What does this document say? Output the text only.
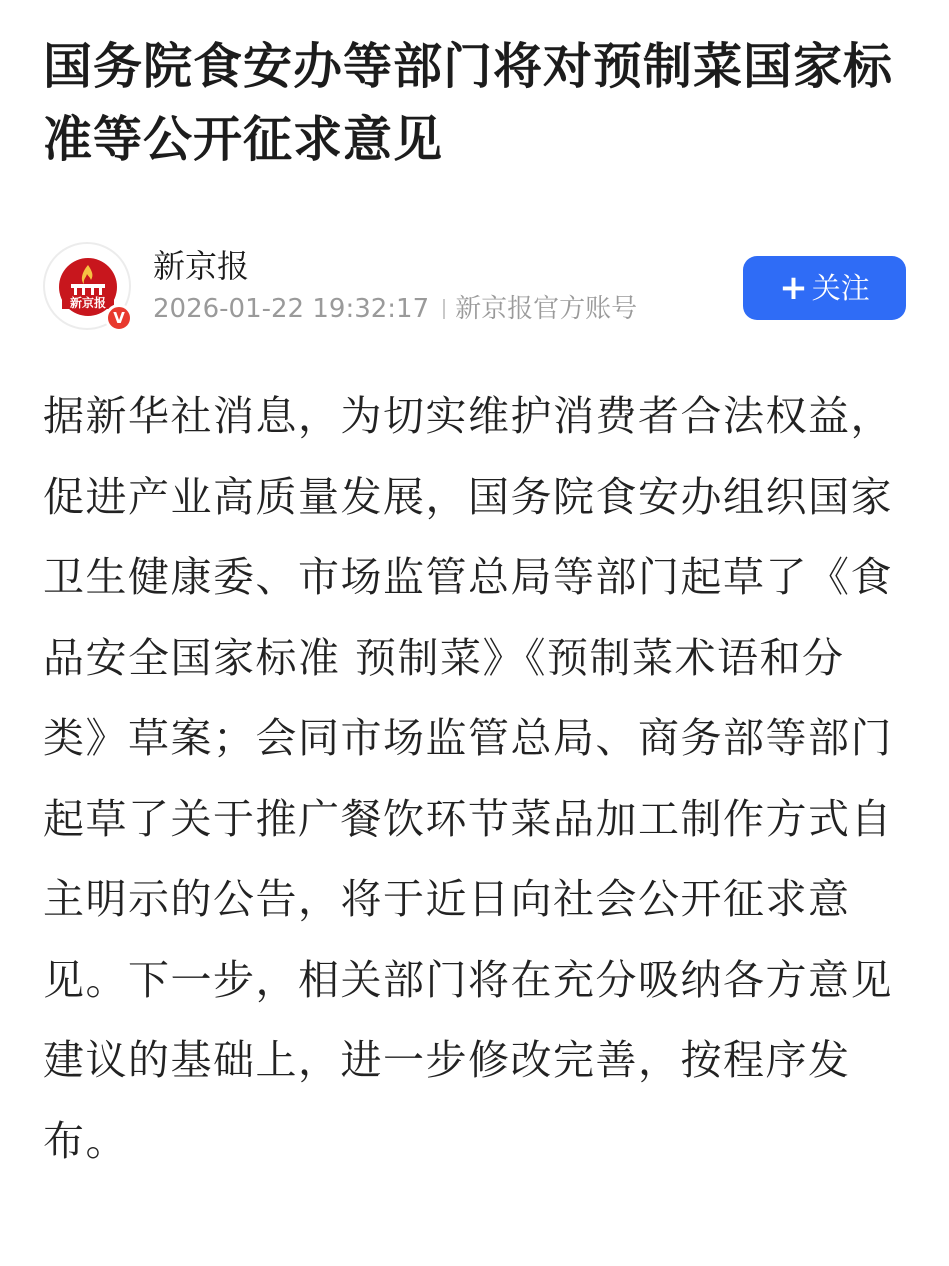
国务院食安办等部门将对预制菜国家标准等公开征求意见
新京报
V
新京报
2026-01-22 19:32:17 新京报官方账号
+ 关注

据新华社消息，为切实维护消费者合法权益，促进产业高质量发展，国务院食安办组织国家卫生健康委、市场监管总局等部门起草了《食品安全国家标准 预制菜》《预制菜术语和分类》草案；会同市场监管总局、商务部等部门起草了关于推广餐饮环节菜品加工制作方式自主明示的公告，将于近日向社会公开征求意见。下一步，相关部门将在充分吸纳各方意见建议的基础上，进一步修改完善，按程序发布。
